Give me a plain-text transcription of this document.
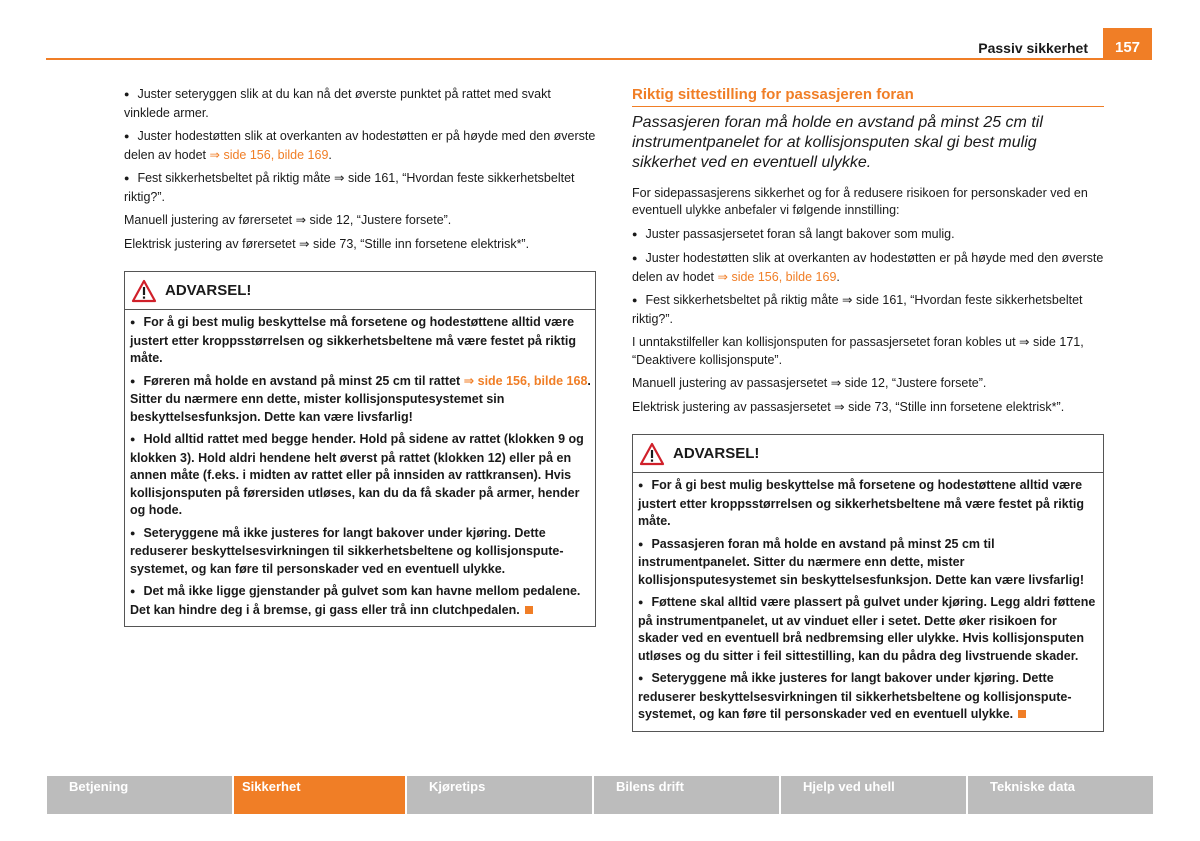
Passiv sikkerhet	157
● Juster seteryggen slik at du kan nå det øverste punktet på rattet med svakt vinklede armer.
● Juster hodestøtten slik at overkanten av hodestøtten er på høyde med den øverste delen av hodet ⇒ side 156, bilde 169.
● Fest sikkerhetsbeltet på riktig måte ⇒ side 161, “Hvordan feste sikkerhetsbeltet riktig?”.
Manuell justering av førersetet ⇒ side 12, “Justere forsete”.
Elektrisk justering av førersetet ⇒ side 73, “Stille inn forsetene elektrisk*”.
ADVARSEL!
● For å gi best mulig beskyttelse må forsetene og hodestøttene alltid være justert etter kroppsstørrelsen og sikkerhetsbeltene må være festet på riktig måte.
● Føreren må holde en avstand på minst 25 cm til rattet ⇒ side 156, bilde 168. Sitter du nærmere enn dette, mister kollisjonsputesystemet sin beskyttelsesfunksjon. Dette kan være livsfarlig!
● Hold alltid rattet med begge hender. Hold på sidene av rattet (klokken 9 og klokken 3). Hold aldri hendene helt øverst på rattet (klokken 12) eller på en annen måte (f.eks. i midten av rattet eller på innsiden av rattkransen). Hvis kollisjonsputen på førersiden utløses, kan du da få skader på armer, hender og hode.
● Seteryggene må ikke justeres for langt bakover under kjøring. Dette reduserer beskyttelsesvirkningen til sikkerhetsbeltene og kollisjonspute-systemet, og kan føre til personskader ved en eventuell ulykke.
● Det må ikke ligge gjenstander på gulvet som kan havne mellom pedalene. Det kan hindre deg i å bremse, gi gass eller trå inn clutchpedalen.
Riktig sittestilling for passasjeren foran
Passasjeren foran må holde en avstand på minst 25 cm til instrumentpanelet for at kollisjonsputen skal gi best mulig sikkerhet ved en eventuell ulykke.
For sidepassasjerens sikkerhet og for å redusere risikoen for personskader ved en eventuell ulykke anbefaler vi følgende innstilling:
● Juster passasjersetet foran så langt bakover som mulig.
● Juster hodestøtten slik at overkanten av hodestøtten er på høyde med den øverste delen av hodet ⇒ side 156, bilde 169.
● Fest sikkerhetsbeltet på riktig måte ⇒ side 161, “Hvordan feste sikkerhetsbeltet riktig?”.
I unntakstilfeller kan kollisjonsputen for passasjersetet foran kobles ut ⇒ side 171, “Deaktivere kollisjonspute”.
Manuell justering av passasjersetet ⇒ side 12, “Justere forsete”.
Elektrisk justering av passasjersetet ⇒ side 73, “Stille inn forsetene elektrisk*”.
ADVARSEL!
● For å gi best mulig beskyttelse må forsetene og hodestøttene alltid være justert etter kroppsstørrelsen og sikkerhetsbeltene må være festet på riktig måte.
● Passasjeren foran må holde en avstand på minst 25 cm til instrumentpanelet. Sitter du nærmere enn dette, mister kollisjonsputesystemet sin beskyttelsesfunksjon. Dette kan være livsfarlig!
● Føttene skal alltid være plassert på gulvet under kjøring. Legg aldri føttene på instrumentpanelet, ut av vinduet eller i setet. Dette øker risikoen for skader ved en eventuell brå nedbremsing eller ulykke. Hvis kollisjonsputen utløses og du sitter i feil sittestilling, kan du pådra deg livstruende skader.
● Seteryggene må ikke justeres for langt bakover under kjøring. Dette reduserer beskyttelsesvirkningen til sikkerhetsbeltene og kollisjonspute-systemet, og kan føre til personskader ved en eventuell ulykke.
Betjening	Sikkerhet	Kjøretips	Bilens drift	Hjelp ved uhell	Tekniske data
